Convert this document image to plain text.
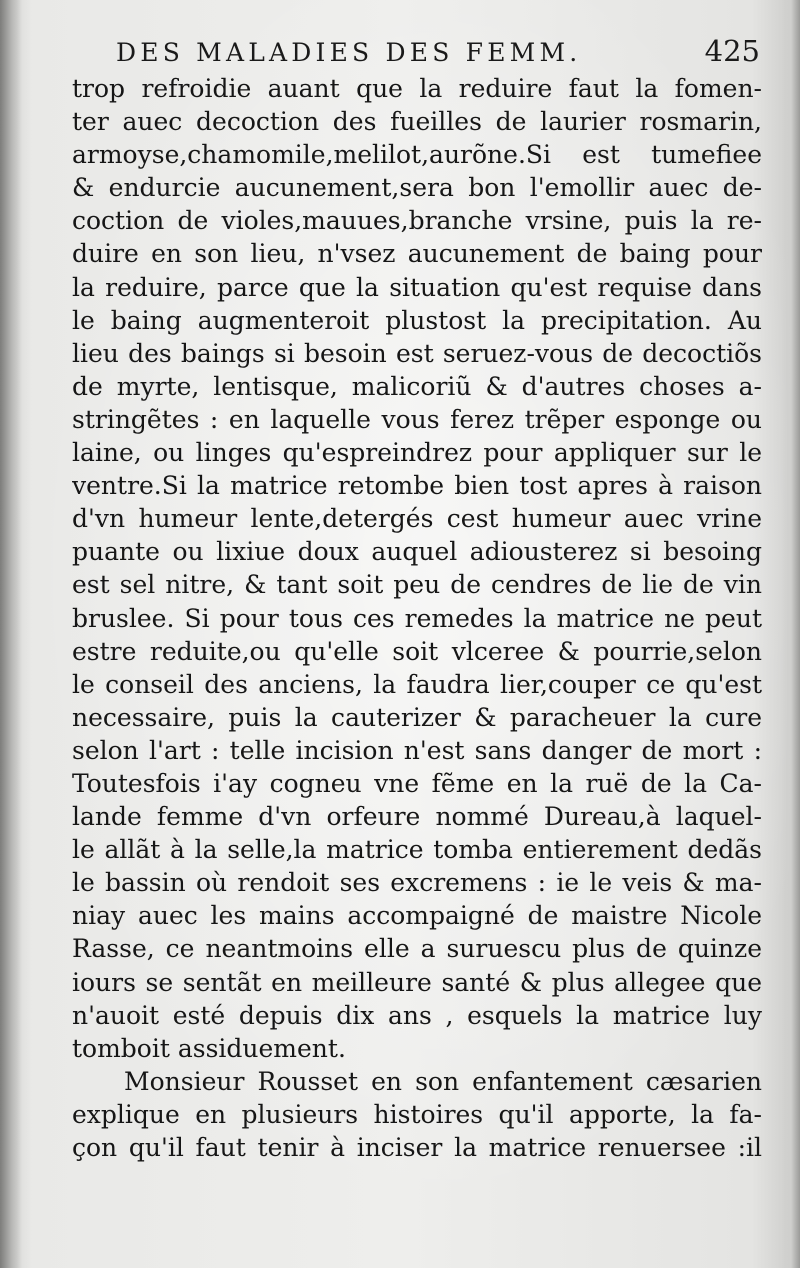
DES MALADIES DES FEMM.	425
trop refroidie auant que la reduire faut la fomen-
ter auec decoction des fueilles de laurier rosmarin,
armoyse,chamomile,melilot,aurõne.Si est tumefiee
& endurcie aucunement,sera bon l'emollir auec de-
coction de violes,mauues,branche vrsine, puis la re-
duire en son lieu, n'vsez aucunement de baing pour
la reduire, parce que la situation qu'est requise dans
le baing augmenteroit plustost la precipitation. Au
lieu des baings si besoin est seruez-vous de decoctiõs
de myrte, lentisque, malicoriũ & d'autres choses a-
stringẽtes : en laquelle vous ferez trẽper esponge ou
laine, ou linges qu'espreindrez pour appliquer sur le
ventre.Si la matrice retombe bien tost apres à raison
d'vn humeur lente,detergés cest humeur auec vrine
puante ou lixiue doux auquel adiousterez si besoing
est sel nitre, & tant soit peu de cendres de lie de vin
bruslee. Si pour tous ces remedes la matrice ne peut
estre reduite,ou qu'elle soit vlceree & pourrie,selon
le conseil des anciens, la faudra lier,couper ce qu'est
necessaire, puis la cauterizer & paracheuer la cure
selon l'art : telle incision n'est sans danger de mort :
Toutesfois i'ay cogneu vne fẽme en la ruë de la Ca-
lande femme d'vn orfeure nommé Dureau,à laquel-
le allãt à la selle,la matrice tomba entierement dedãs
le bassin où rendoit ses excremens : ie le veis & ma-
niay auec les mains accompaigné de maistre Nicole
Rasse, ce neantmoins elle a suruescu plus de quinze
iours se sentãt en meilleure santé & plus allegee que
n'auoit esté depuis dix ans , esquels la matrice luy
tomboit assiduement.
Monsieur Rousset en son enfantement cæsarien
explique en plusieurs histoires qu'il apporte, la fa-
çon qu'il faut tenir à inciser la matrice renuersee :il
